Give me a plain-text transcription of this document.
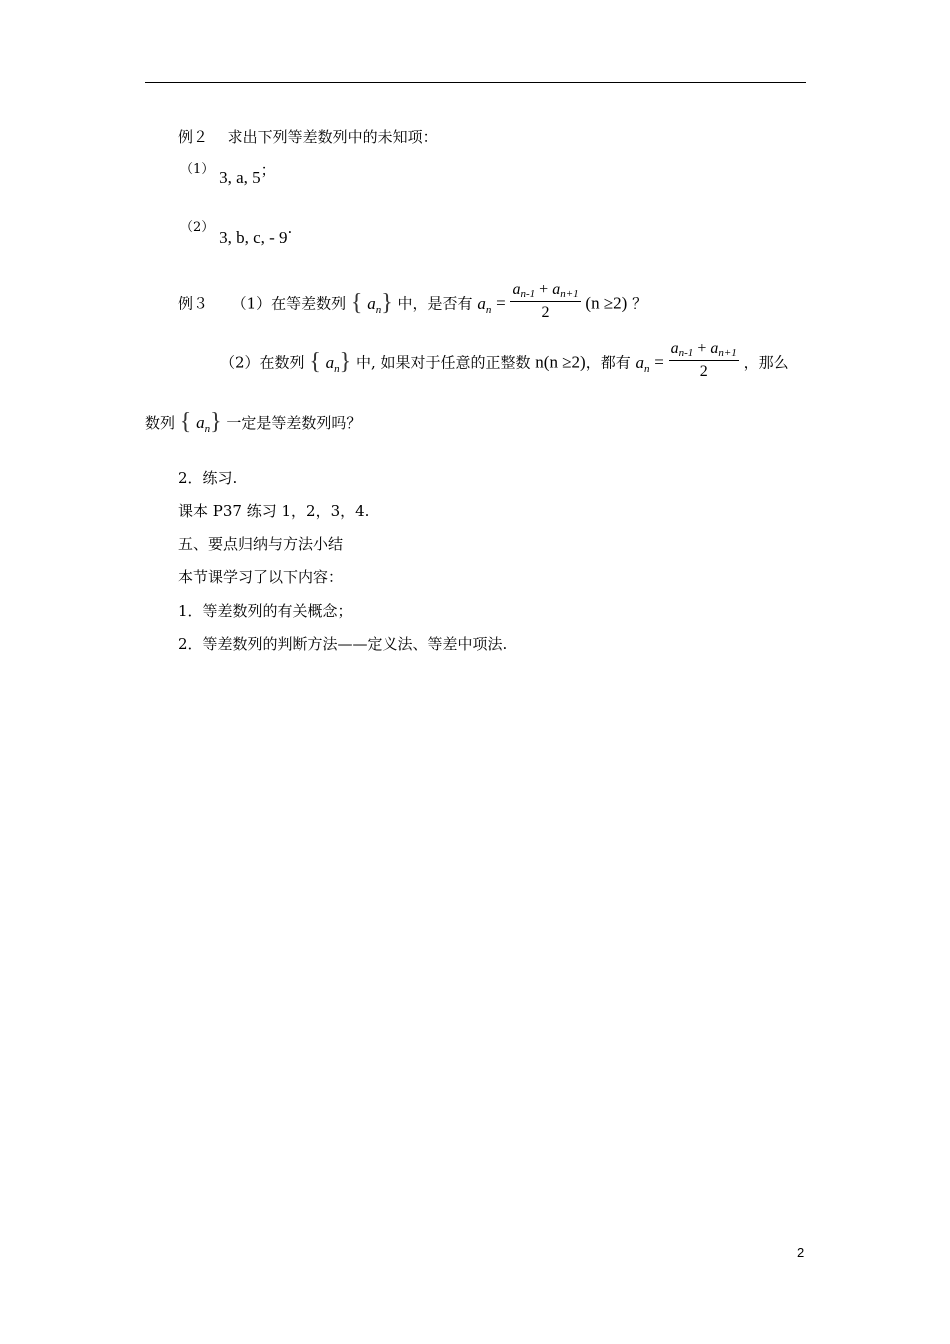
例２ 求出下列等差数列中的未知项：
（1） 3, a, 5；
（2） 3, b, c, - 9.
例３ （1）在等差数列 { $a_n$} 中，是否有 $a_n = \frac{an-1 + an+1}{2} (n \ge 2)$ ？
（2）在数列 { $a_n$} 中, 如果对于任意的正整数 n(n ≥2)，都有 $a_n = \frac{an-1 + an+1}{2}$ ，那么
数列 { $a_n$} 一定是等差数列吗？
2．练习.
课本 P37 练习 1，2，3，4.
五、要点归纳与方法小结
本节课学习了以下内容：
1．等差数列的有关概念；
2．等差数列的判断方法——定义法、等差中项法.
2
